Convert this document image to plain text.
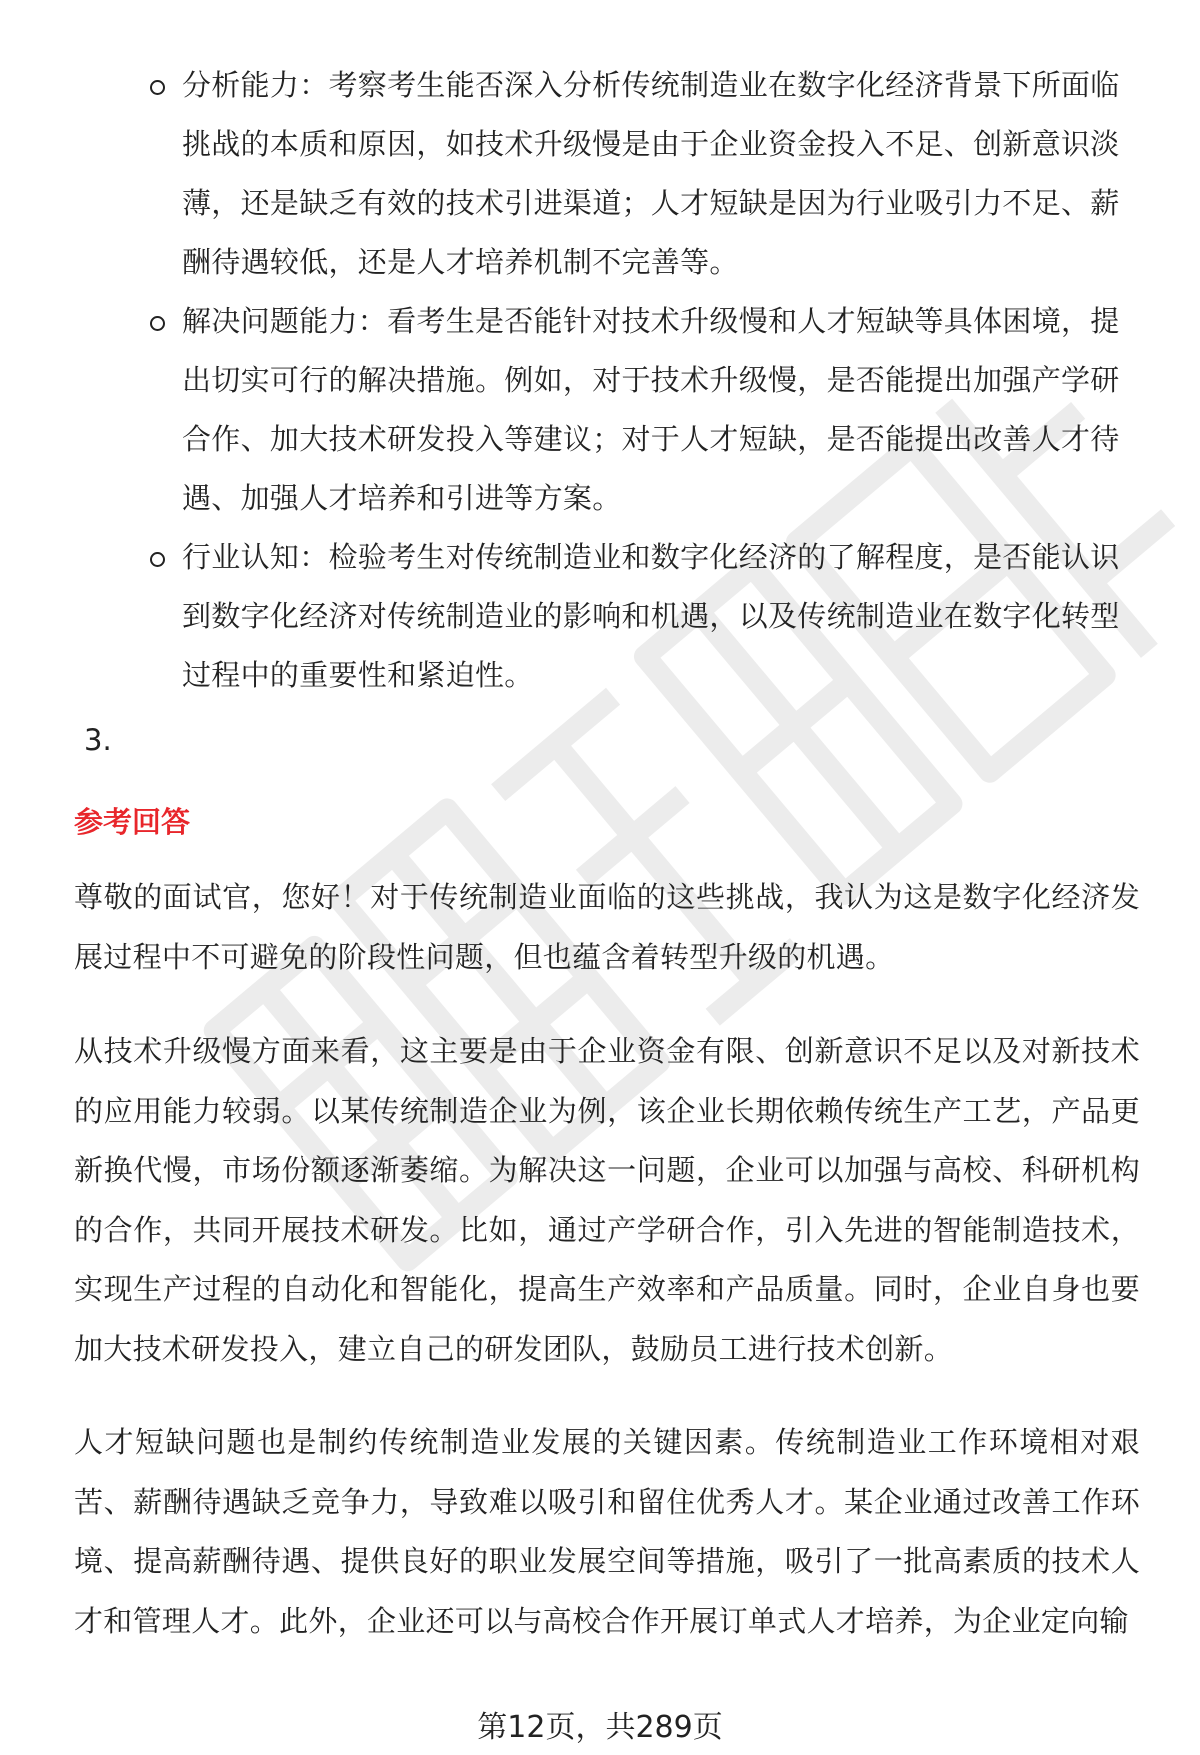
分析能力：考察考生能否深入分析传统制造业在数字化经济背景下所面临挑战的本质和原因，如技术升级慢是由于企业资金投入不足、创新意识淡薄，还是缺乏有效的技术引进渠道；人才短缺是因为行业吸引力不足、薪酬待遇较低，还是人才培养机制不完善等。
解决问题能力：看考生是否能针对技术升级慢和人才短缺等具体困境，提出切实可行的解决措施。例如，对于技术升级慢，是否能提出加强产学研合作、加大技术研发投入等建议；对于人才短缺，是否能提出改善人才待遇、加强人才培养和引进等方案。
行业认知：检验考生对传统制造业和数字化经济的了解程度，是否能认识到数字化经济对传统制造业的影响和机遇，以及传统制造业在数字化转型过程中的重要性和紧迫性。
3.
参考回答
尊敬的面试官，您好！对于传统制造业面临的这些挑战，我认为这是数字化经济发展过程中不可避免的阶段性问题，但也蕴含着转型升级的机遇。
从技术升级慢方面来看，这主要是由于企业资金有限、创新意识不足以及对新技术的应用能力较弱。以某传统制造企业为例，该企业长期依赖传统生产工艺，产品更新换代慢，市场份额逐渐萎缩。为解决这一问题，企业可以加强与高校、科研机构的合作，共同开展技术研发。比如，通过产学研合作，引入先进的智能制造技术，实现生产过程的自动化和智能化，提高生产效率和产品质量。同时，企业自身也要加大技术研发投入，建立自己的研发团队，鼓励员工进行技术创新。
人才短缺问题也是制约传统制造业发展的关键因素。传统制造业工作环境相对艰苦、薪酬待遇缺乏竞争力，导致难以吸引和留住优秀人才。某企业通过改善工作环境、提高薪酬待遇、提供良好的职业发展空间等措施，吸引了一批高素质的技术人才和管理人才。此外，企业还可以与高校合作开展订单式人才培养，为企业定向输
第12页，共289页
